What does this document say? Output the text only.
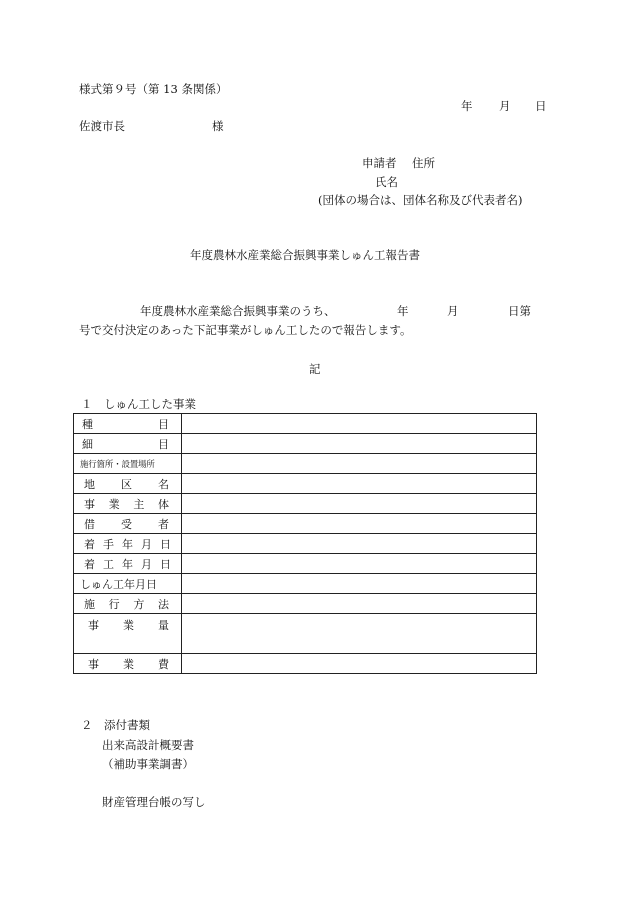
様式第９号（第 13 条関係）
年 月 日
佐渡市長	様
申請者 住所
氏名
(団体の場合は、団体名称及び代表者名)
年度農林水産業総合振興事業しゅん工報告書
年度農林水産業総合振興事業のうち、	年	月	日第
号で交付決定のあった下記事業がしゅん工したので報告します。
記
１　しゅん工した事業
種 目	

細 目	

施行箇所・設置場所	

地 区 名	

事 業 主 体	

借 受 者	

着 手 年 月 日	

着 工 年 月 日	

しゅん工年月日	

施 行 方 法	

事 業 量	

事 業 費	

２　添付書類
出来高設計概要書
（補助事業調書）
財産管理台帳の写し
